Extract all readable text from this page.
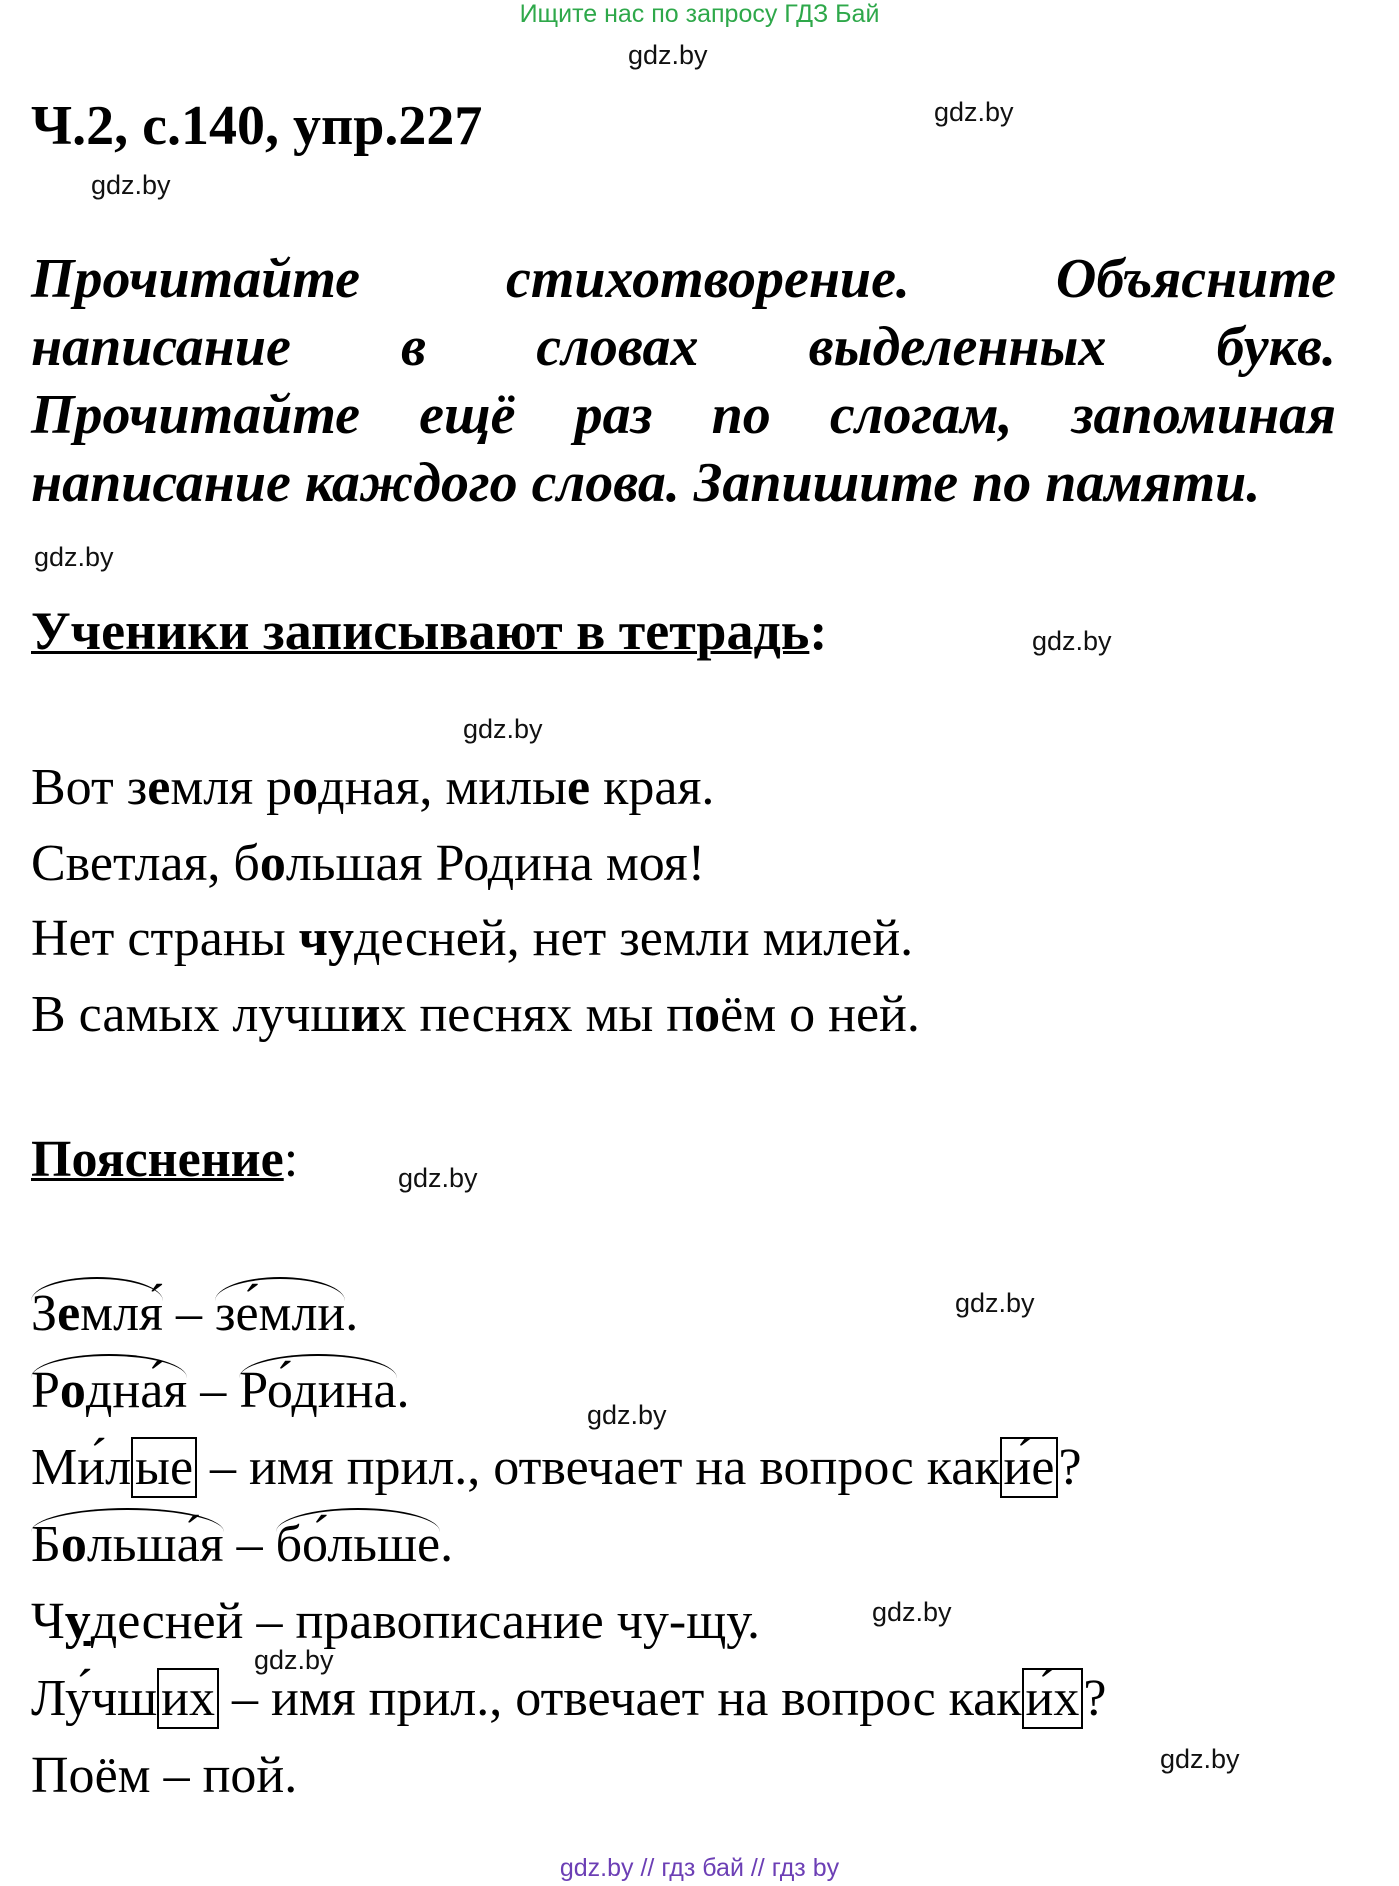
Ищите нас по запросу ГДЗ Бай
gdz.by
gdz.by
gdz.by
gdz.by
gdz.by
gdz.by
gdz.by
gdz.by
gdz.by
gdz.by
gdz.by
gdz.by
Ч.2, с.140, упр.227
Прочитайте стихотворение. Объясните
написание в словах выделенных букв.
Прочитайте ещё раз по слогам, запоминая
написание каждого слова. Запишите по памяти.
Ученики записывают в тетрадь:
Вот земля родная, милые края.
Светлая, большая Родина моя!
Нет страны чудесней, нет земли милей.
В самых лучших песнях мы поём о ней.
Пояснение:
Земля́ – зе́мли.
Родна́я – Ро́дина.
Ми́лые – имя прил., отвечает на вопрос каки́е?
Больша́я – бо́льше.
Чудесней – правописание чу-щу.
Лу́чших – имя прил., отвечает на вопрос каки́х?
Поём – пой.
gdz.by // гдз бай // гдз by
